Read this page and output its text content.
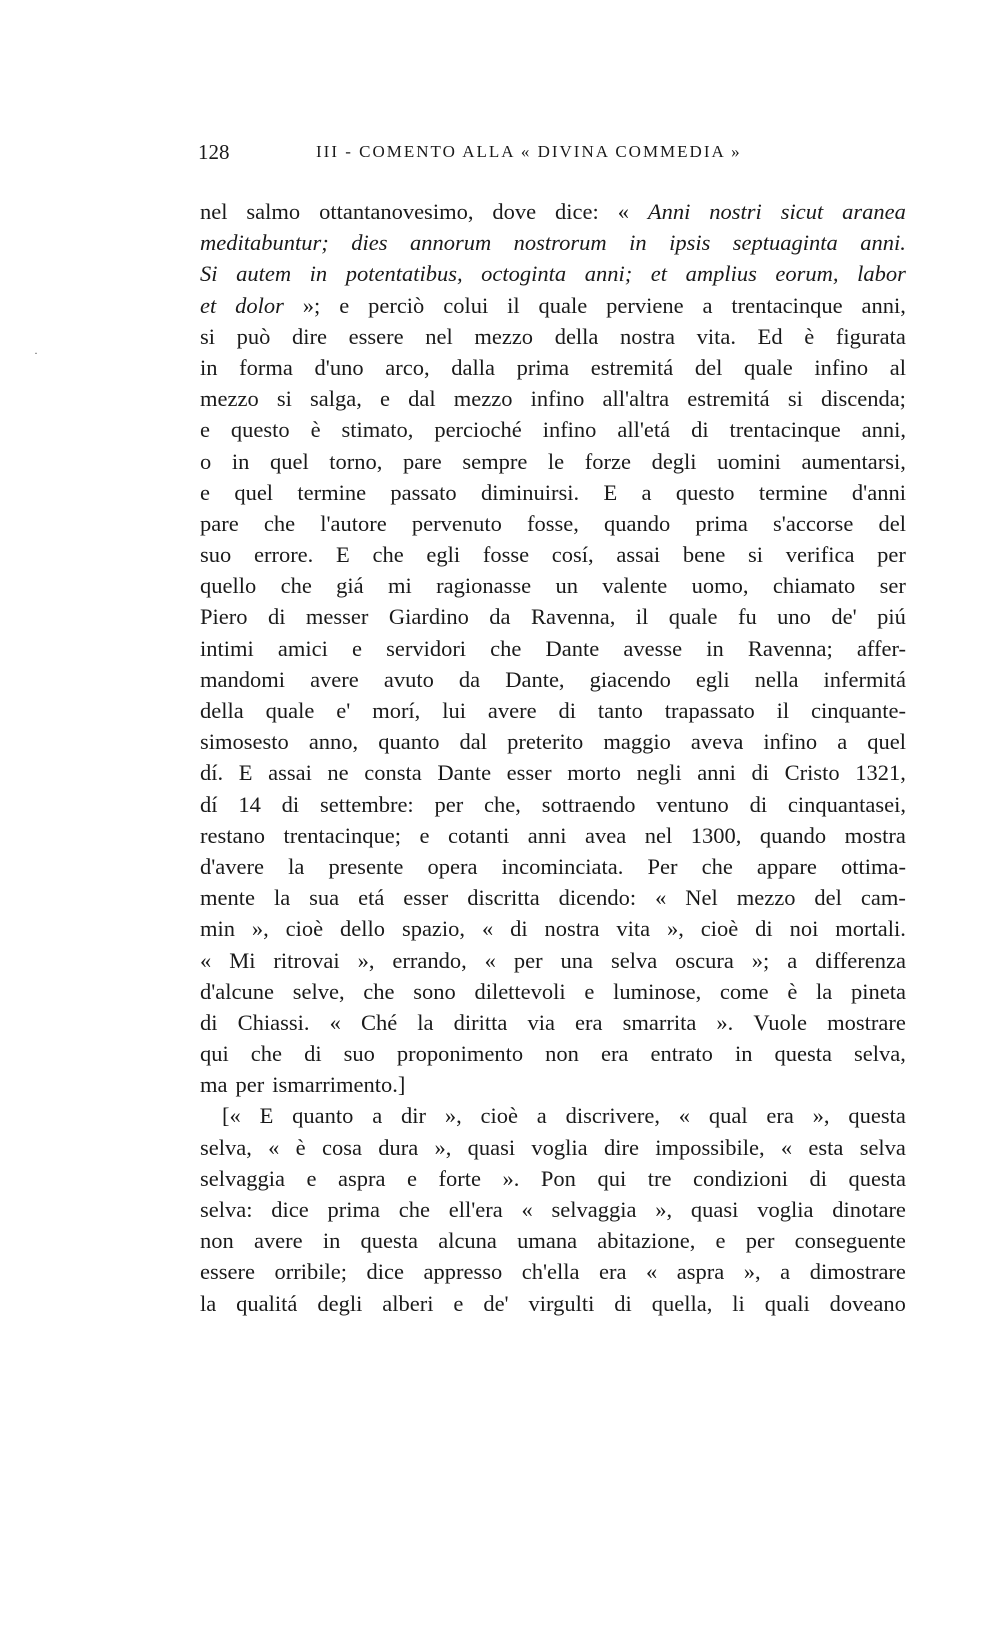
128	III - COMENTO ALLA « DIVINA COMMEDIA »
·
nel salmo ottantanovesimo, dove dice: « Anni nostri sicut aranea
meditabuntur; dies annorum nostrorum in ipsis septuaginta anni.
Si autem in potentatibus, octoginta anni; et amplius eorum, labor
et dolor »; e perciò colui il quale perviene a trentacinque anni,
si può dire essere nel mezzo della nostra vita. Ed è figurata
in forma d'uno arco, dalla prima estremitá del quale infino al
mezzo si salga, e dal mezzo infino all'altra estremitá si discenda;
e questo è stimato, percioché infino all'etá di trentacinque anni,
o in quel torno, pare sempre le forze degli uomini aumentarsi,
e quel termine passato diminuirsi. E a questo termine d'anni
pare che l'autore pervenuto fosse, quando prima s'accorse del
suo errore. E che egli fosse cosí, assai bene si verifica per
quello che giá mi ragionasse un valente uomo, chiamato ser
Piero di messer Giardino da Ravenna, il quale fu uno de' piú
intimi amici e servidori che Dante avesse in Ravenna; affer-
mandomi avere avuto da Dante, giacendo egli nella infermitá
della quale e' morí, lui avere di tanto trapassato il cinquante-
simosesto anno, quanto dal preterito maggio aveva infino a quel
dí. E assai ne consta Dante esser morto negli anni di Cristo 1321,
dí 14 di settembre: per che, sottraendo ventuno di cinquantasei,
restano trentacinque; e cotanti anni avea nel 1300, quando mostra
d'avere la presente opera incominciata. Per che appare ottima-
mente la sua etá esser discritta dicendo: « Nel mezzo del cam-
min », cioè dello spazio, « di nostra vita », cioè di noi mortali.
« Mi ritrovai », errando, « per una selva oscura »; a differenza
d'alcune selve, che sono dilettevoli e luminose, come è la pineta
di Chiassi. « Ché la diritta via era smarrita ». Vuole mostrare
qui che di suo proponimento non era entrato in questa selva,
ma per ismarrimento.]
[« E quanto a dir », cioè a discrivere, « qual era », questa
selva, « è cosa dura », quasi voglia dire impossibile, « esta selva
selvaggia e aspra e forte ». Pon qui tre condizioni di questa
selva: dice prima che ell'era « selvaggia », quasi voglia dinotare
non avere in questa alcuna umana abitazione, e per conseguente
essere orribile; dice appresso ch'ella era « aspra », a dimostrare
la qualitá degli alberi e de' virgulti di quella, li quali doveano
